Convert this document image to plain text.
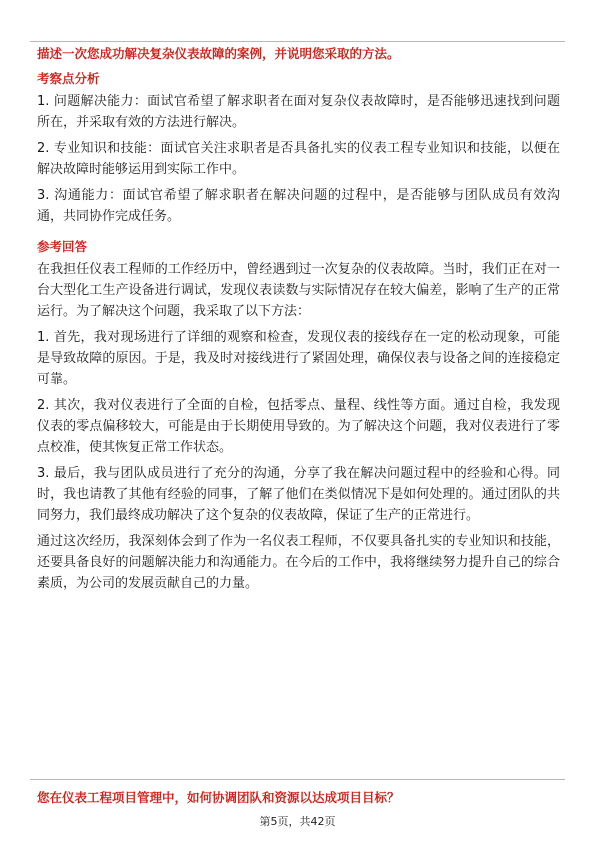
描述一次您成功解决复杂仪表故障的案例，并说明您采取的方法。

考察点分析

1. 问题解决能力：面试官希望了解求职者在面对复杂仪表故障时，是否能够迅速找到问题所在，并采取有效的方法进行解决。

2. 专业知识和技能：面试官关注求职者是否具备扎实的仪表工程专业知识和技能，以便在解决故障时能够运用到实际工作中。

3. 沟通能力：面试官希望了解求职者在解决问题的过程中，是否能够与团队成员有效沟通，共同协作完成任务。

参考回答

在我担任仪表工程师的工作经历中，曾经遇到过一次复杂的仪表故障。当时，我们正在对一台大型化工生产设备进行调试，发现仪表读数与实际情况存在较大偏差，影响了生产的正常运行。为了解决这个问题，我采取了以下方法：

1. 首先，我对现场进行了详细的观察和检查，发现仪表的接线存在一定的松动现象，可能是导致故障的原因。于是，我及时对接线进行了紧固处理，确保仪表与设备之间的连接稳定可靠。

2. 其次，我对仪表进行了全面的自检，包括零点、量程、线性等方面。通过自检，我发现仪表的零点偏移较大，可能是由于长期使用导致的。为了解决这个问题，我对仪表进行了零点校准，使其恢复正常工作状态。

3. 最后，我与团队成员进行了充分的沟通，分享了我在解决问题过程中的经验和心得。同时，我也请教了其他有经验的同事，了解了他们在类似情况下是如何处理的。通过团队的共同努力，我们最终成功解决了这个复杂的仪表故障，保证了生产的正常进行。

通过这次经历，我深刻体会到了作为一名仪表工程师，不仅要具备扎实的专业知识和技能，还要具备良好的问题解决能力和沟通能力。在今后的工作中，我将继续努力提升自己的综合素质，为公司的发展贡献自己的力量。

您在仪表工程项目管理中，如何协调团队和资源以达成项目目标？

第5页，共42页
